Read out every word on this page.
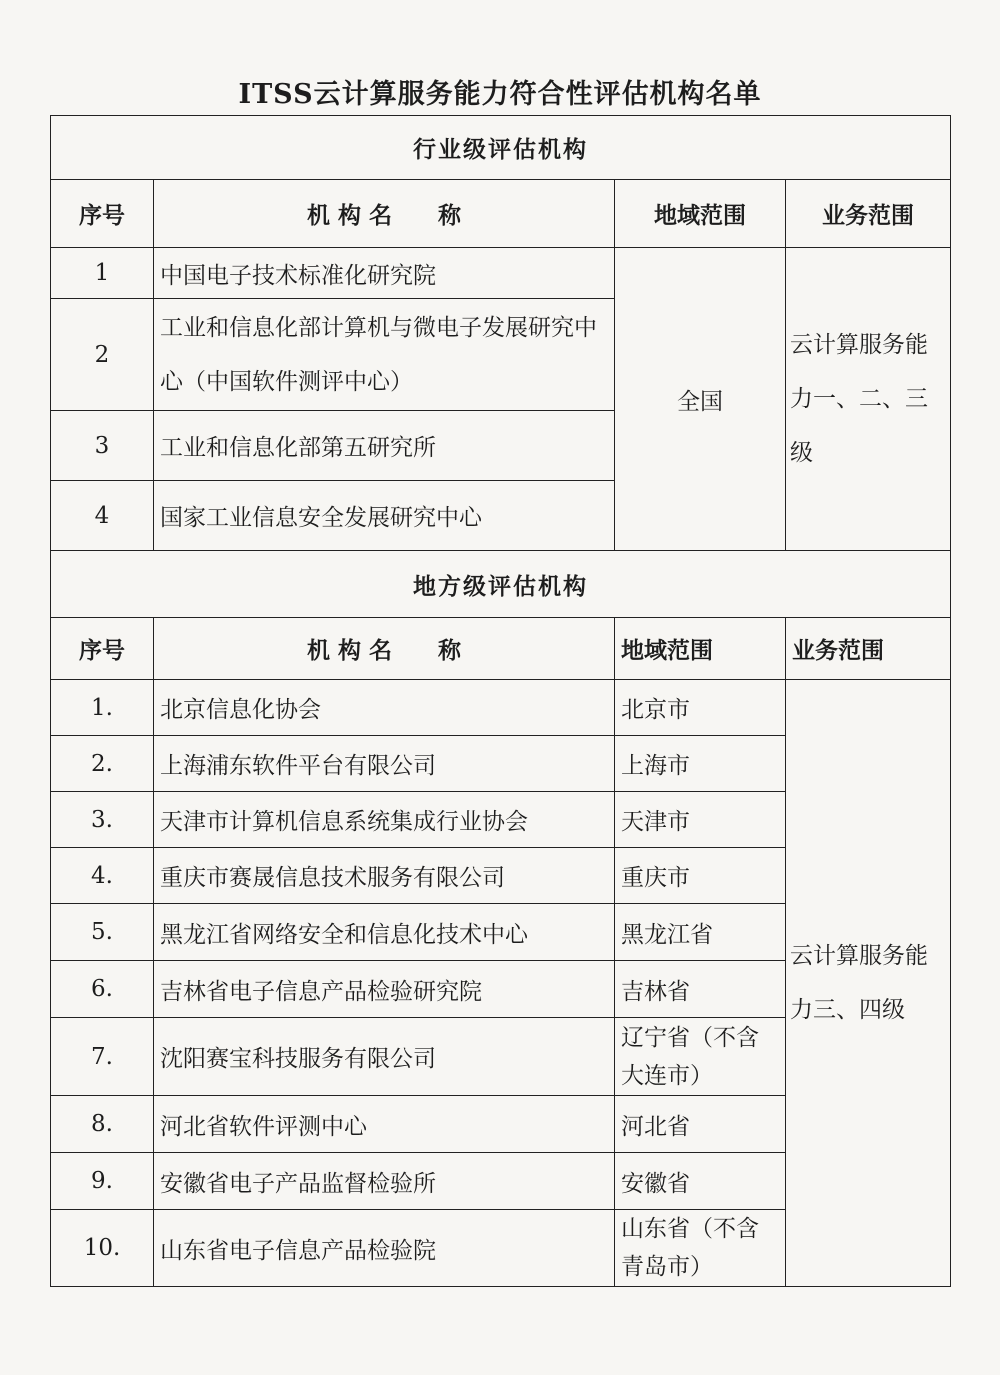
ITSS云计算服务能力符合性评估机构名单
行业级评估机构			
序号	机 构 名　　称	地域范围	业务范围
1	中国电子技术标准化研究院	全国	云计算服务能力一、二、三级
2	工业和信息化部计算机与微电子发展研究中心（中国软件测评中心）		
3	工业和信息化部第五研究所		
4	国家工业信息安全发展研究中心		
地方级评估机构			
序号	机 构 名　　称	地域范围	业务范围
1.	北京信息化协会	北京市	云计算服务能力三、四级
2.	上海浦东软件平台有限公司	上海市	
3.	天津市计算机信息系统集成行业协会	天津市	
4.	重庆市赛晟信息技术服务有限公司	重庆市	
5.	黑龙江省网络安全和信息化技术中心	黑龙江省	
6.	吉林省电子信息产品检验研究院	吉林省	
7.	沈阳赛宝科技服务有限公司	辽宁省（不含大连市）	
8.	河北省软件评测中心	河北省	
9.	安徽省电子产品监督检验所	安徽省	
10.	山东省电子信息产品检验院	山东省（不含青岛市）	
